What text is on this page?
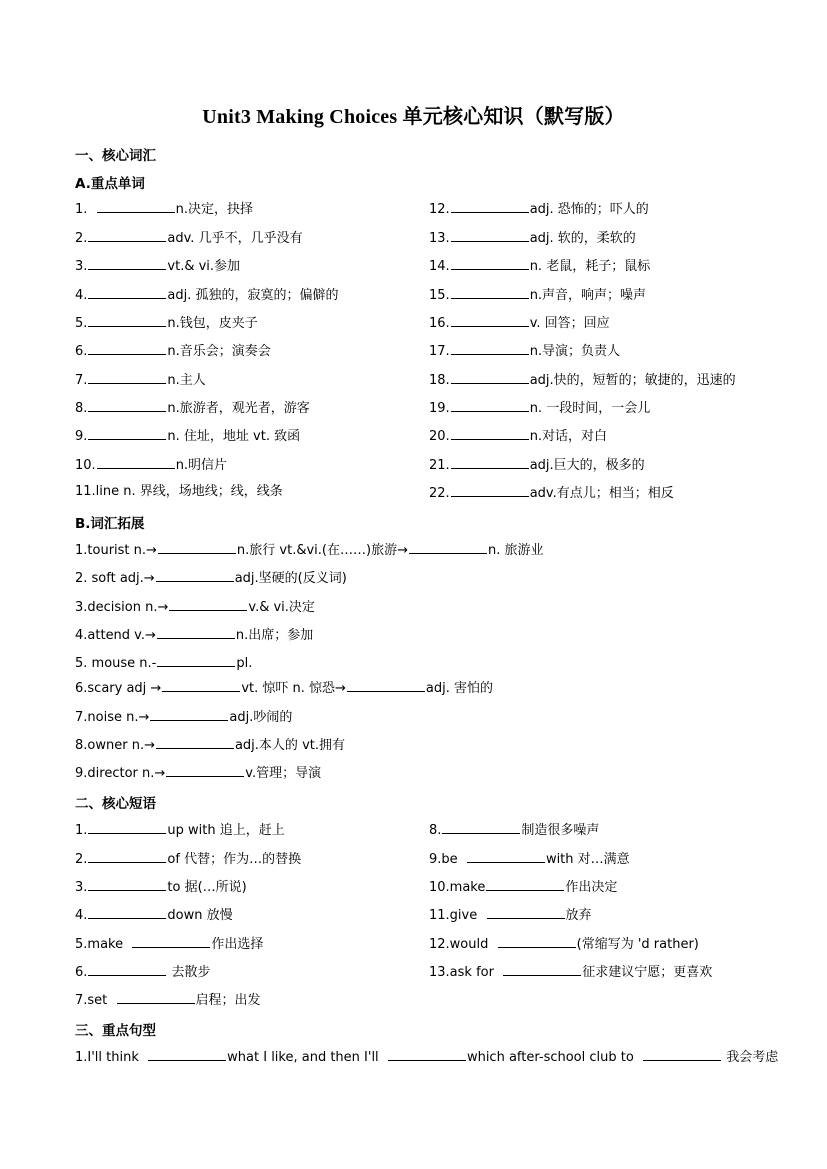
Unit3 Making Choices 单元核心知识（默写版）
一、核心词汇
A.重点单词
1.	n.决定，抉择
2.	adv. 几乎不，几乎没有
3.	vt.& vi.参加
4.	adj. 孤独的，寂寞的；偏僻的
5.	n.钱包，皮夹子
6.	n.音乐会；演奏会
7.	n.主人
8.	n.旅游者，观光者，游客
9.	n. 住址，地址 vt. 致函
10.	n.明信片
11.line n. 界线，场地线；线，线条
12.	adj. 恐怖的；吓人的
13.	adj. 软的，柔软的
14.	n. 老鼠，耗子；鼠标
15.	n.声音，响声；噪声
16.	v. 回答；回应
17.	n.导演；负责人
18.	adj.快的，短暂的；敏捷的，迅速的
19.	n. 一段时间，一会儿
20.	n.对话，对白
21.	adj.巨大的，极多的
22.	adv.有点儿；相当；相反
B.词汇拓展
1.tourist n.→	n.旅行 vt.&vi.(在……)旅游→	n. 旅游业
2. soft adj.→	adj.坚硬的(反义词)
3.decision n.→	v.& vi.决定
4.attend v.→	n.出席；参加
5. mouse n.-	pl.
6.scary adj →	vt. 惊吓 n. 惊恐→	adj. 害怕的
7.noise n.→	adj.吵闹的
8.owner n.→	adj.本人的 vt.拥有
9.director n.→	v.管理；导演
二、核心短语
1.	up with 追上，赶上
2.	of 代替；作为…的替换
3.	to 据(…所说)
4.	down 放慢
5.make	作出选择
6.	去散步
7.set	启程；出发
8.	制造很多噪声
9.be	with 对…满意
10.make	作出决定
11.give	放弃
12.would	(常缩写为 'd rather)
13.ask for	征求建议宁愿；更喜欢
三、重点句型
1.I'll think	what I like, and then I'll	which after-school club to	我会考虑
